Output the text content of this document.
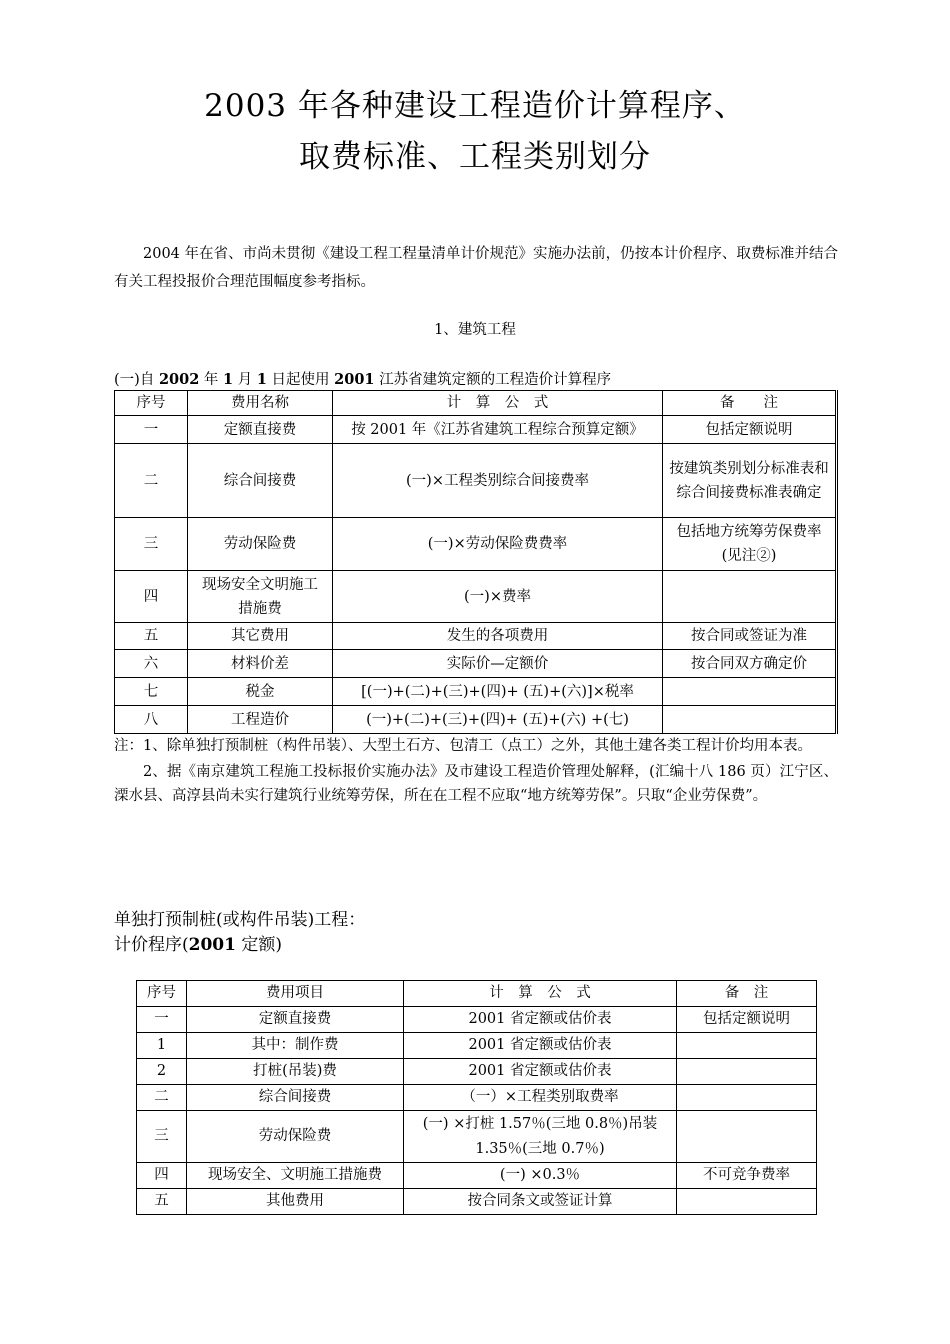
2003 年各种建设工程造价计算程序、
取费标准、工程类别划分
2004 年在省、市尚未贯彻《建设工程工程量清单计价规范》实施办法前，仍按本计价程序、取费标准并结合有关工程投报价合理范围幅度参考指标。
1、建筑工程
(一)自 2002 年 1 月 1 日起使用 2001 江苏省建筑定额的工程造价计算程序
序号	费用名称	计　算　公　式	备　　注
一	定额直接费	按 2001 年《江苏省建筑工程综合预算定额》	包括定额说明
二	综合间接费	(一)×工程类别综合间接费率	按建筑类别划分标准表和综合间接费标准表确定
三	劳动保险费	(一)×劳动保险费费率	包括地方统筹劳保费率(见注②)
四	现场安全文明施工措施费	(一)×费率	
五	其它费用	发生的各项费用	按合同或签证为准
六	材料价差	实际价—定额价	按合同双方确定价
七	税金	[(一)+(二)+(三)+(四)+ (五)+(六)]×税率	
八	工程造价	(一)+(二)+(三)+(四)+ (五)+(六) +(七)	

注：1、除单独打预制桩（构件吊装）、大型土石方、包清工（点工）之外，其他土建各类工程计价均用本表。

2、据《南京建筑工程施工投标报价实施办法》及市建设工程造价管理处解释，(汇编十八 186 页）江宁区、溧水县、高淳县尚未实行建筑行业统筹劳保，所在在工程不应取“地方统筹劳保”。只取“企业劳保费”。

单独打预制桩(或构件吊装)工程：
计价程序(2001 定额)
序号	费用项目	计　算　公　式	备　注
一	定额直接费	2001 省定额或估价表	包括定额说明
1	其中：制作费	2001 省定额或估价表	
2	打桩(吊装)费	2001 省定额或估价表	
二	综合间接费	（一）×工程类别取费率	
三	劳动保险费	(一) ×打桩 1.57％(三地 0.8％)吊装 1.35％(三地 0.7％)	
四	现场安全、文明施工措施费	(一) ×0.3％	不可竞争费率
五	其他费用	按合同条文或签证计算	
